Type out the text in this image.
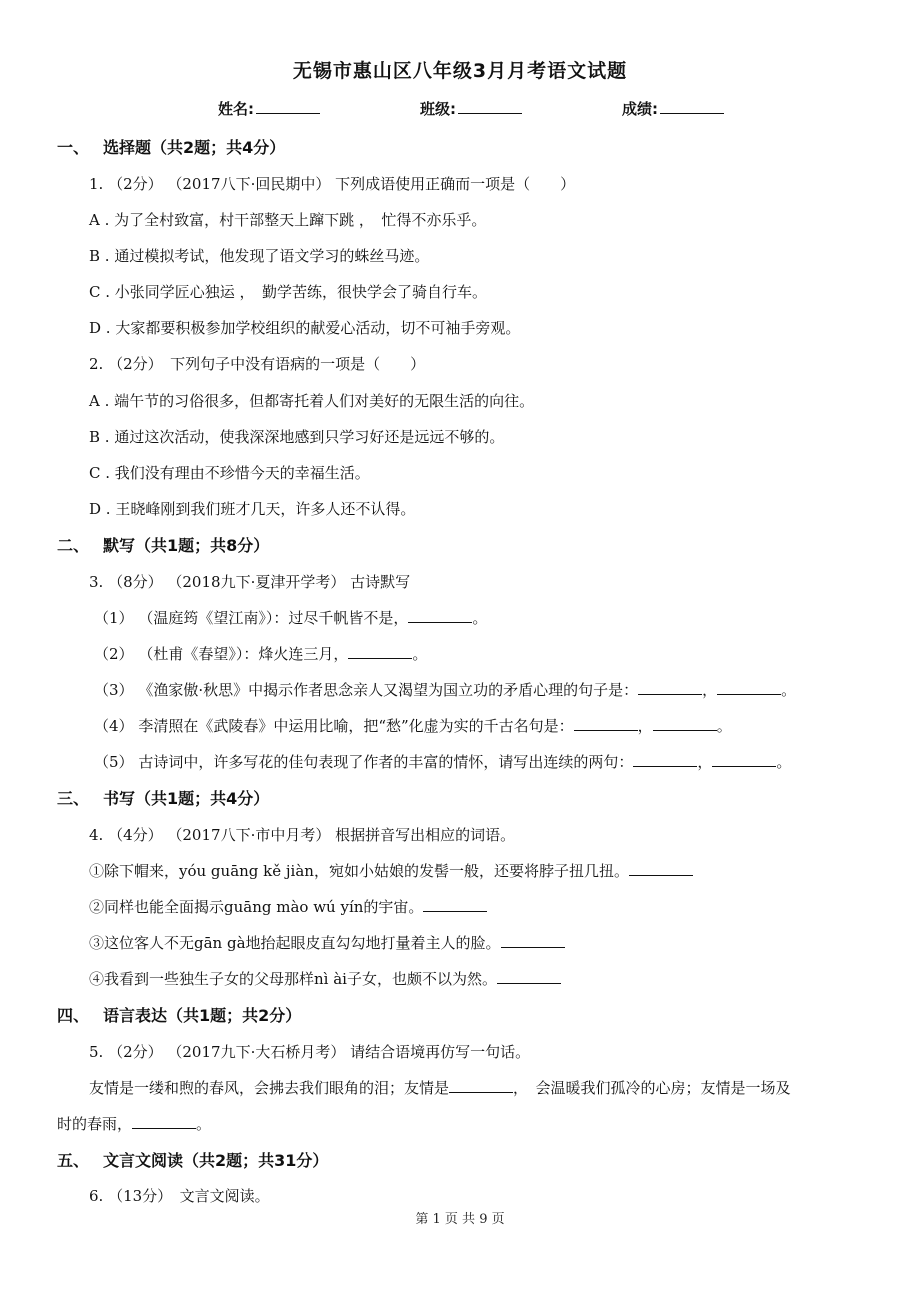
无锡市惠山区八年级3月月考语文试题
姓名:	班级:	成绩:
一、 选择题（共2题；共4分）
1. （2分） （2017八下·回民期中） 下列成语使用正确而一项是（　　）
A . 为了全村致富，村干部整天上蹿下跳 ，　忙得不亦乐乎。
B . 通过模拟考试，他发现了语文学习的蛛丝马迹。
C . 小张同学匠心独运 ，　勤学苦练，很快学会了骑自行车。
D . 大家都要积极参加学校组织的献爱心活动，切不可袖手旁观。
2. （2分）　下列句子中没有语病的一项是（　　）
A . 端午节的习俗很多，但都寄托着人们对美好的无限生活的向往。
B . 通过这次活动，使我深深地感到只学习好还是远远不够的。
C . 我们没有理由不珍惜今天的幸福生活。
D . 王晓峰刚到我们班才几天，许多人还不认得。
二、 默写（共1题；共8分）
3. （8分） （2018九下·夏津开学考） 古诗默写
（1） （温庭筠《望江南》）：过尽千帆皆不是，	。
（2） （杜甫《春望》）：烽火连三月，	。
（3） 《渔家傲·秋思》中揭示作者思念亲人又渴望为国立功的矛盾心理的句子是：	，	。
（4） 李清照在《武陵春》中运用比喻，把“愁”化虚为实的千古名句是：	，	。
（5） 古诗词中，许多写花的佳句表现了作者的丰富的情怀，请写出连续的两句：	，	。
三、 书写（共1题；共4分）
4. （4分） （2017八下·市中月考） 根据拼音写出相应的词语。
①除下帽来，yóu guāng kě jiàn，宛如小姑娘的发髻一般，还要将脖子扭几扭。
②同样也能全面揭示guāng mào wú yín的宇宙。
③这位客人不无gān gà地抬起眼皮直勾勾地打量着主人的脸。
④我看到一些独生子女的父母那样nì ài子女，也颇不以为然。
四、 语言表达（共1题；共2分）
5. （2分） （2017九下·大石桥月考） 请结合语境再仿写一句话。
友情是一缕和煦的春风，会拂去我们眼角的泪；友情是	，　会温暖我们孤冷的心房；友情是一场及
时的春雨，	。
五、 文言文阅读（共2题；共31分）
6. （13分）　文言文阅读。
第 1 页 共 9 页
